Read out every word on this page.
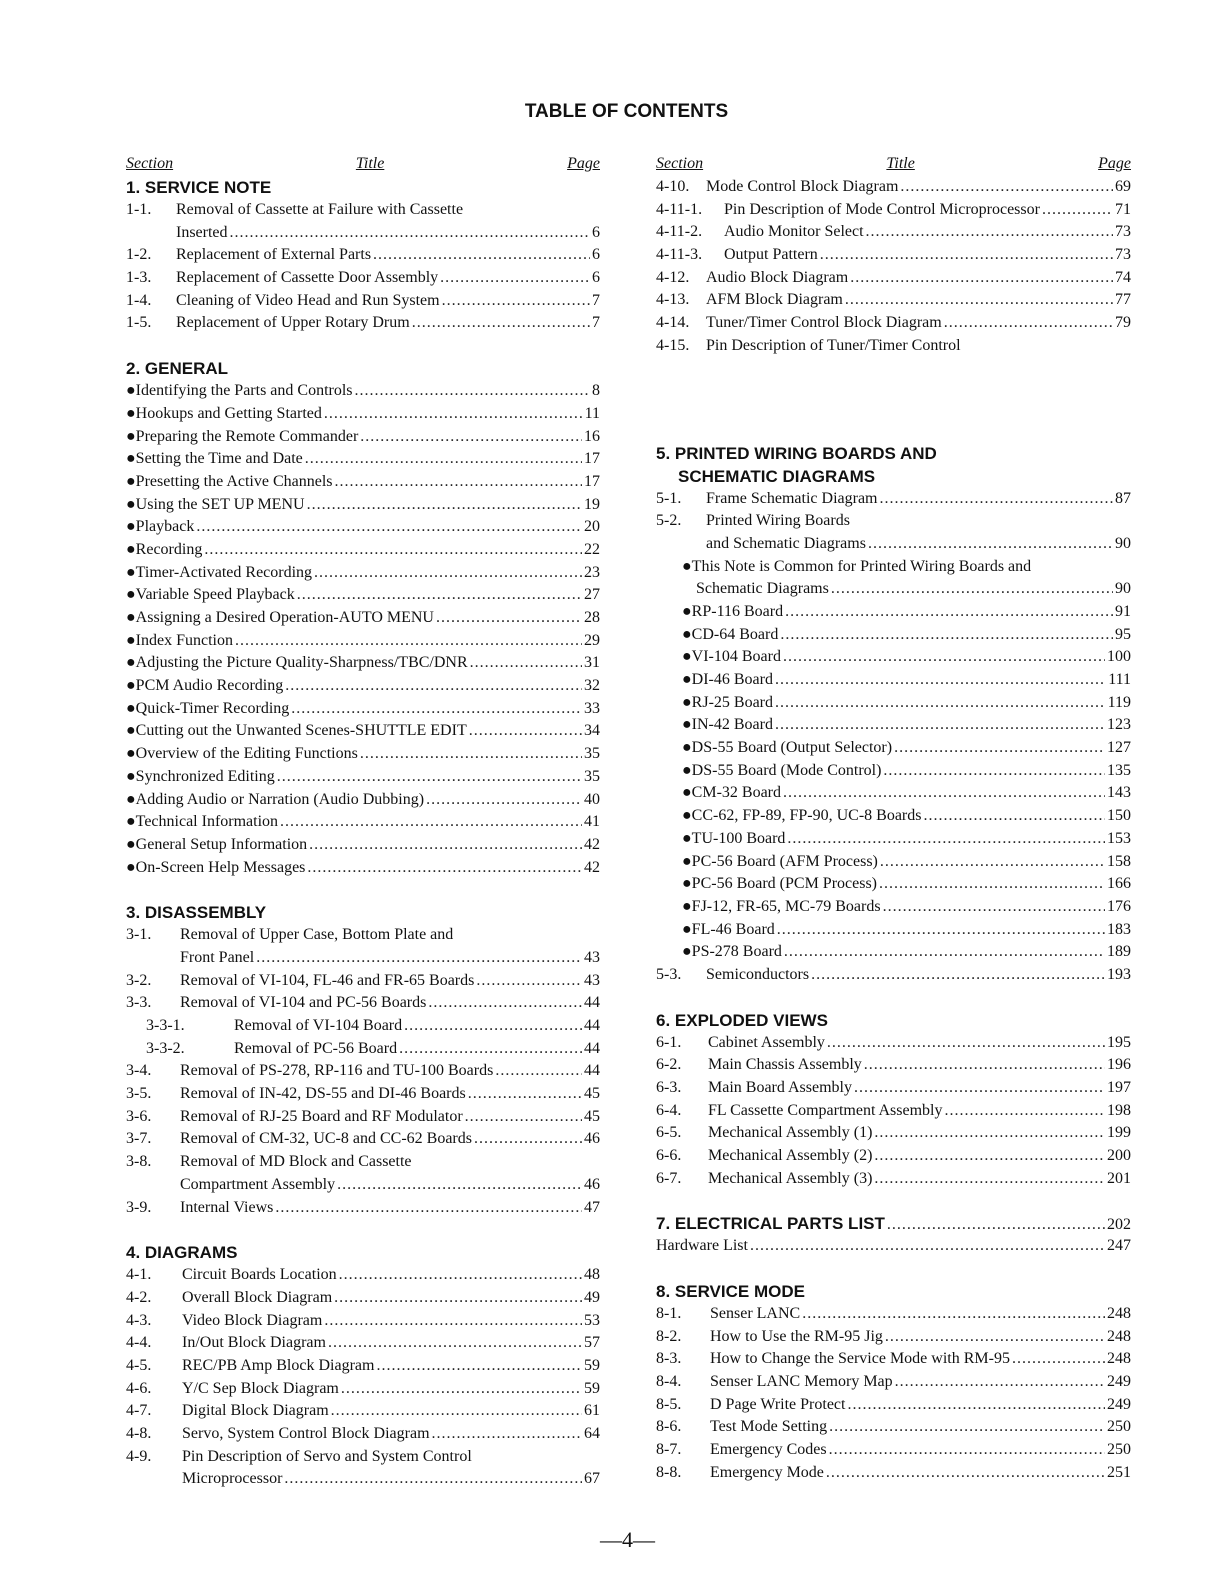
TABLE OF CONTENTS
Section	Title	Page
1. SERVICE NOTE
1-1.	Removal of Cassette at Failure with Cassette
Inserted .....	6
1-2.	Replacement of External Parts .....	6
1-3.	Replacement of Cassette Door Assembly .....	6
1-4.	Cleaning of Video Head and Run System .....	7
1-5.	Replacement of Upper Rotary Drum .....	7
2. GENERAL
●Identifying the Parts and Controls .....	8
●Hookups and Getting Started .....	11
●Preparing the Remote Commander .....	16
●Setting the Time and Date .....	17
●Presetting the Active Channels .....	17
●Using the SET UP MENU .....	19
●Playback .....	20
●Recording .....	22
●Timer-Activated Recording .....	23
●Variable Speed Playback .....	27
●Assigning a Desired Operation-AUTO MENU .....	28
●Index Function .....	29
●Adjusting the Picture Quality-Sharpness/TBC/DNR .....	31
●PCM Audio Recording .....	32
●Quick-Timer Recording .....	33
●Cutting out the Unwanted Scenes-SHUTTLE EDIT .....	34
●Overview of the Editing Functions .....	35
●Synchronized Editing .....	35
●Adding Audio or Narration (Audio Dubbing) .....	40
●Technical Information .....	41
●General Setup Information .....	42
●On-Screen Help Messages .....	42
3. DISASSEMBLY
3-1.	Removal of Upper Case, Bottom Plate and
Front Panel .....	43
3-2.	Removal of VI-104, FL-46 and FR-65 Boards .....	43
3-3.	Removal of VI-104 and PC-56 Boards .....	44
3-3-1.	Removal of VI-104 Board .....	44
3-3-2.	Removal of PC-56 Board .....	44
3-4.	Removal of PS-278, RP-116 and TU-100 Boards .....	44
3-5.	Removal of IN-42, DS-55 and DI-46 Boards .....	45
3-6.	Removal of RJ-25 Board and RF Modulator .....	45
3-7.	Removal of CM-32, UC-8 and CC-62 Boards .....	46
3-8.	Removal of MD Block and Cassette
Compartment Assembly .....	46
3-9.	Internal Views .....	47
4. DIAGRAMS
4-1.	Circuit Boards Location .....	48
4-2.	Overall Block Diagram .....	49
4-3.	Video Block Diagram .....	53
4-4.	In/Out Block Diagram .....	57
4-5.	REC/PB Amp Block Diagram .....	59
4-6.	Y/C Sep Block Diagram .....	59
4-7.	Digital Block Diagram .....	61
4-8.	Servo, System Control Block Diagram .....	64
4-9.	Pin Description of Servo and System Control
Microprocessor .....	67
Section	Title	Page
4-10.	Mode Control Block Diagram .....	69
4-11-1.	Pin Description of Mode Control Microprocessor .....	71
4-11-2.	Audio Monitor Select .....	73
4-11-3.	Output Pattern .....	73
4-12.	Audio Block Diagram .....	74
4-13.	AFM Block Diagram .....	77
4-14.	Tuner/Timer Control Block Diagram .....	79
4-15.	Pin Description of Tuner/Timer Control
5. PRINTED WIRING BOARDS AND
SCHEMATIC DIAGRAMS
5-1.	Frame Schematic Diagram .....	87
5-2.	Printed Wiring Boards
and Schematic Diagrams .....	90
●This Note is Common for Printed Wiring Boards and
Schematic Diagrams .....	90
●RP-116 Board .....	91
●CD-64 Board .....	95
●VI-104 Board .....	100
●DI-46 Board .....	111
●RJ-25 Board .....	119
●IN-42 Board .....	123
●DS-55 Board (Output Selector) .....	127
●DS-55 Board (Mode Control) .....	135
●CM-32 Board .....	143
●CC-62, FP-89, FP-90, UC-8 Boards .....	150
●TU-100 Board .....	153
●PC-56 Board (AFM Process) .....	158
●PC-56 Board (PCM Process) .....	166
●FJ-12, FR-65, MC-79 Boards .....	176
●FL-46 Board .....	183
●PS-278 Board .....	189
5-3.	Semiconductors .....	193
6. EXPLODED VIEWS
6-1.	Cabinet Assembly .....	195
6-2.	Main Chassis Assembly .....	196
6-3.	Main Board Assembly .....	197
6-4.	FL Cassette Compartment Assembly .....	198
6-5.	Mechanical Assembly (1) .....	199
6-6.	Mechanical Assembly (2) .....	200
6-7.	Mechanical Assembly (3) .....	201
7. ELECTRICAL PARTS LIST .....	202
Hardware List .....	247
8. SERVICE MODE
8-1.	Senser LANC .....	248
8-2.	How to Use the RM-95 Jig .....	248
8-3.	How to Change the Service Mode with RM-95 .....	248
8-4.	Senser LANC Memory Map .....	249
8-5.	D Page Write Protect .....	249
8-6.	Test Mode Setting .....	250
8-7.	Emergency Codes .....	250
8-8.	Emergency Mode .....	251
—4—
